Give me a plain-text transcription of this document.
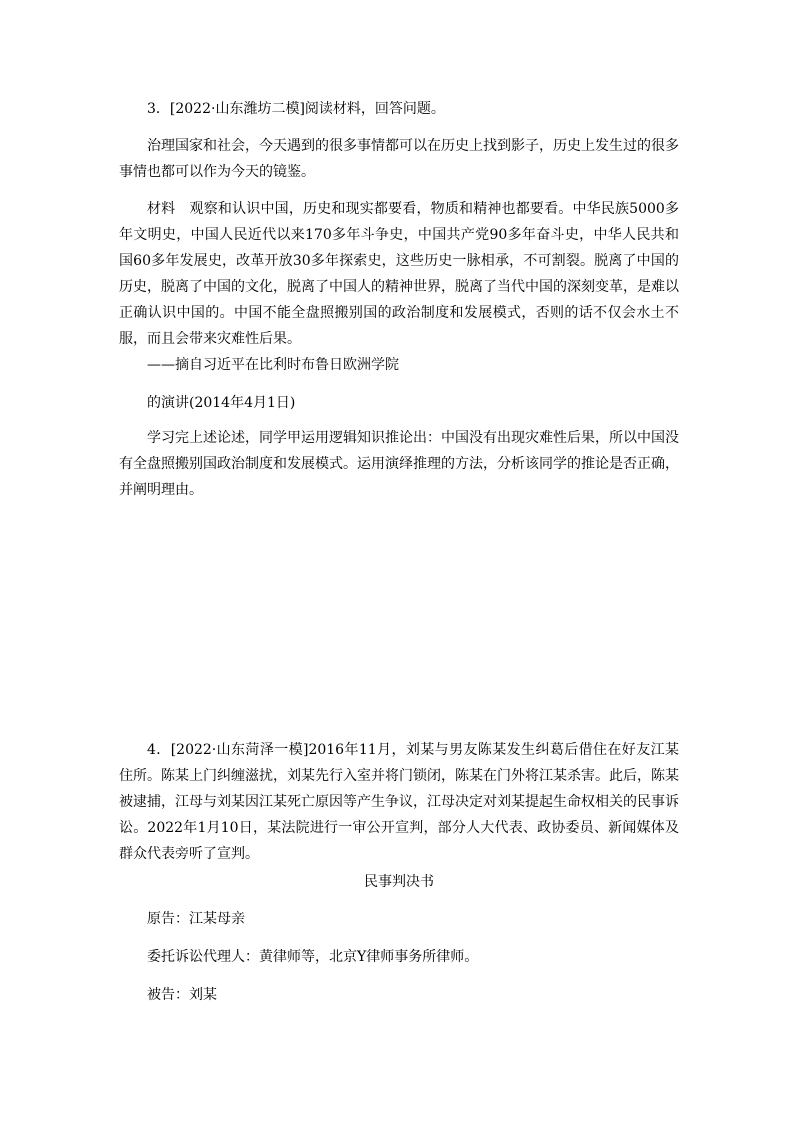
3．[2022·山东潍坊二模]阅读材料，回答问题。

治理国家和社会，今天遇到的很多事情都可以在历史上找到影子，历史上发生过的很多事情也都可以作为今天的镜鉴。

材料 观察和认识中国，历史和现实都要看，物质和精神也都要看。中华民族5000多年文明史，中国人民近代以来170多年斗争史，中国共产党90多年奋斗史，中华人民共和国60多年发展史，改革开放30多年探索史，这些历史一脉相承，不可割裂。脱离了中国的历史，脱离了中国的文化，脱离了中国人的精神世界，脱离了当代中国的深刻变革，是难以正确认识中国的。中国不能全盘照搬别国的政治制度和发展模式，否则的话不仅会水土不服，而且会带来灾难性后果。

——摘自习近平在比利时布鲁日欧洲学院

的演讲(2014年4月1日)

学习完上述论述，同学甲运用逻辑知识推论出：中国没有出现灾难性后果，所以中国没有全盘照搬别国政治制度和发展模式。运用演绎推理的方法，分析该同学的推论是否正确，并阐明理由。

4．[2022·山东菏泽一模]2016年11月，刘某与男友陈某发生纠葛后借住在好友江某住所。陈某上门纠缠滋扰，刘某先行入室并将门锁闭，陈某在门外将江某杀害。此后，陈某被逮捕，江母与刘某因江某死亡原因等产生争议，江母决定对刘某提起生命权相关的民事诉讼。2022年1月10日，某法院进行一审公开宣判，部分人大代表、政协委员、新闻媒体及群众代表旁听了宣判。

民事判决书

原告：江某母亲

委托诉讼代理人：黄律师等，北京Y律师事务所律师。

被告：刘某
